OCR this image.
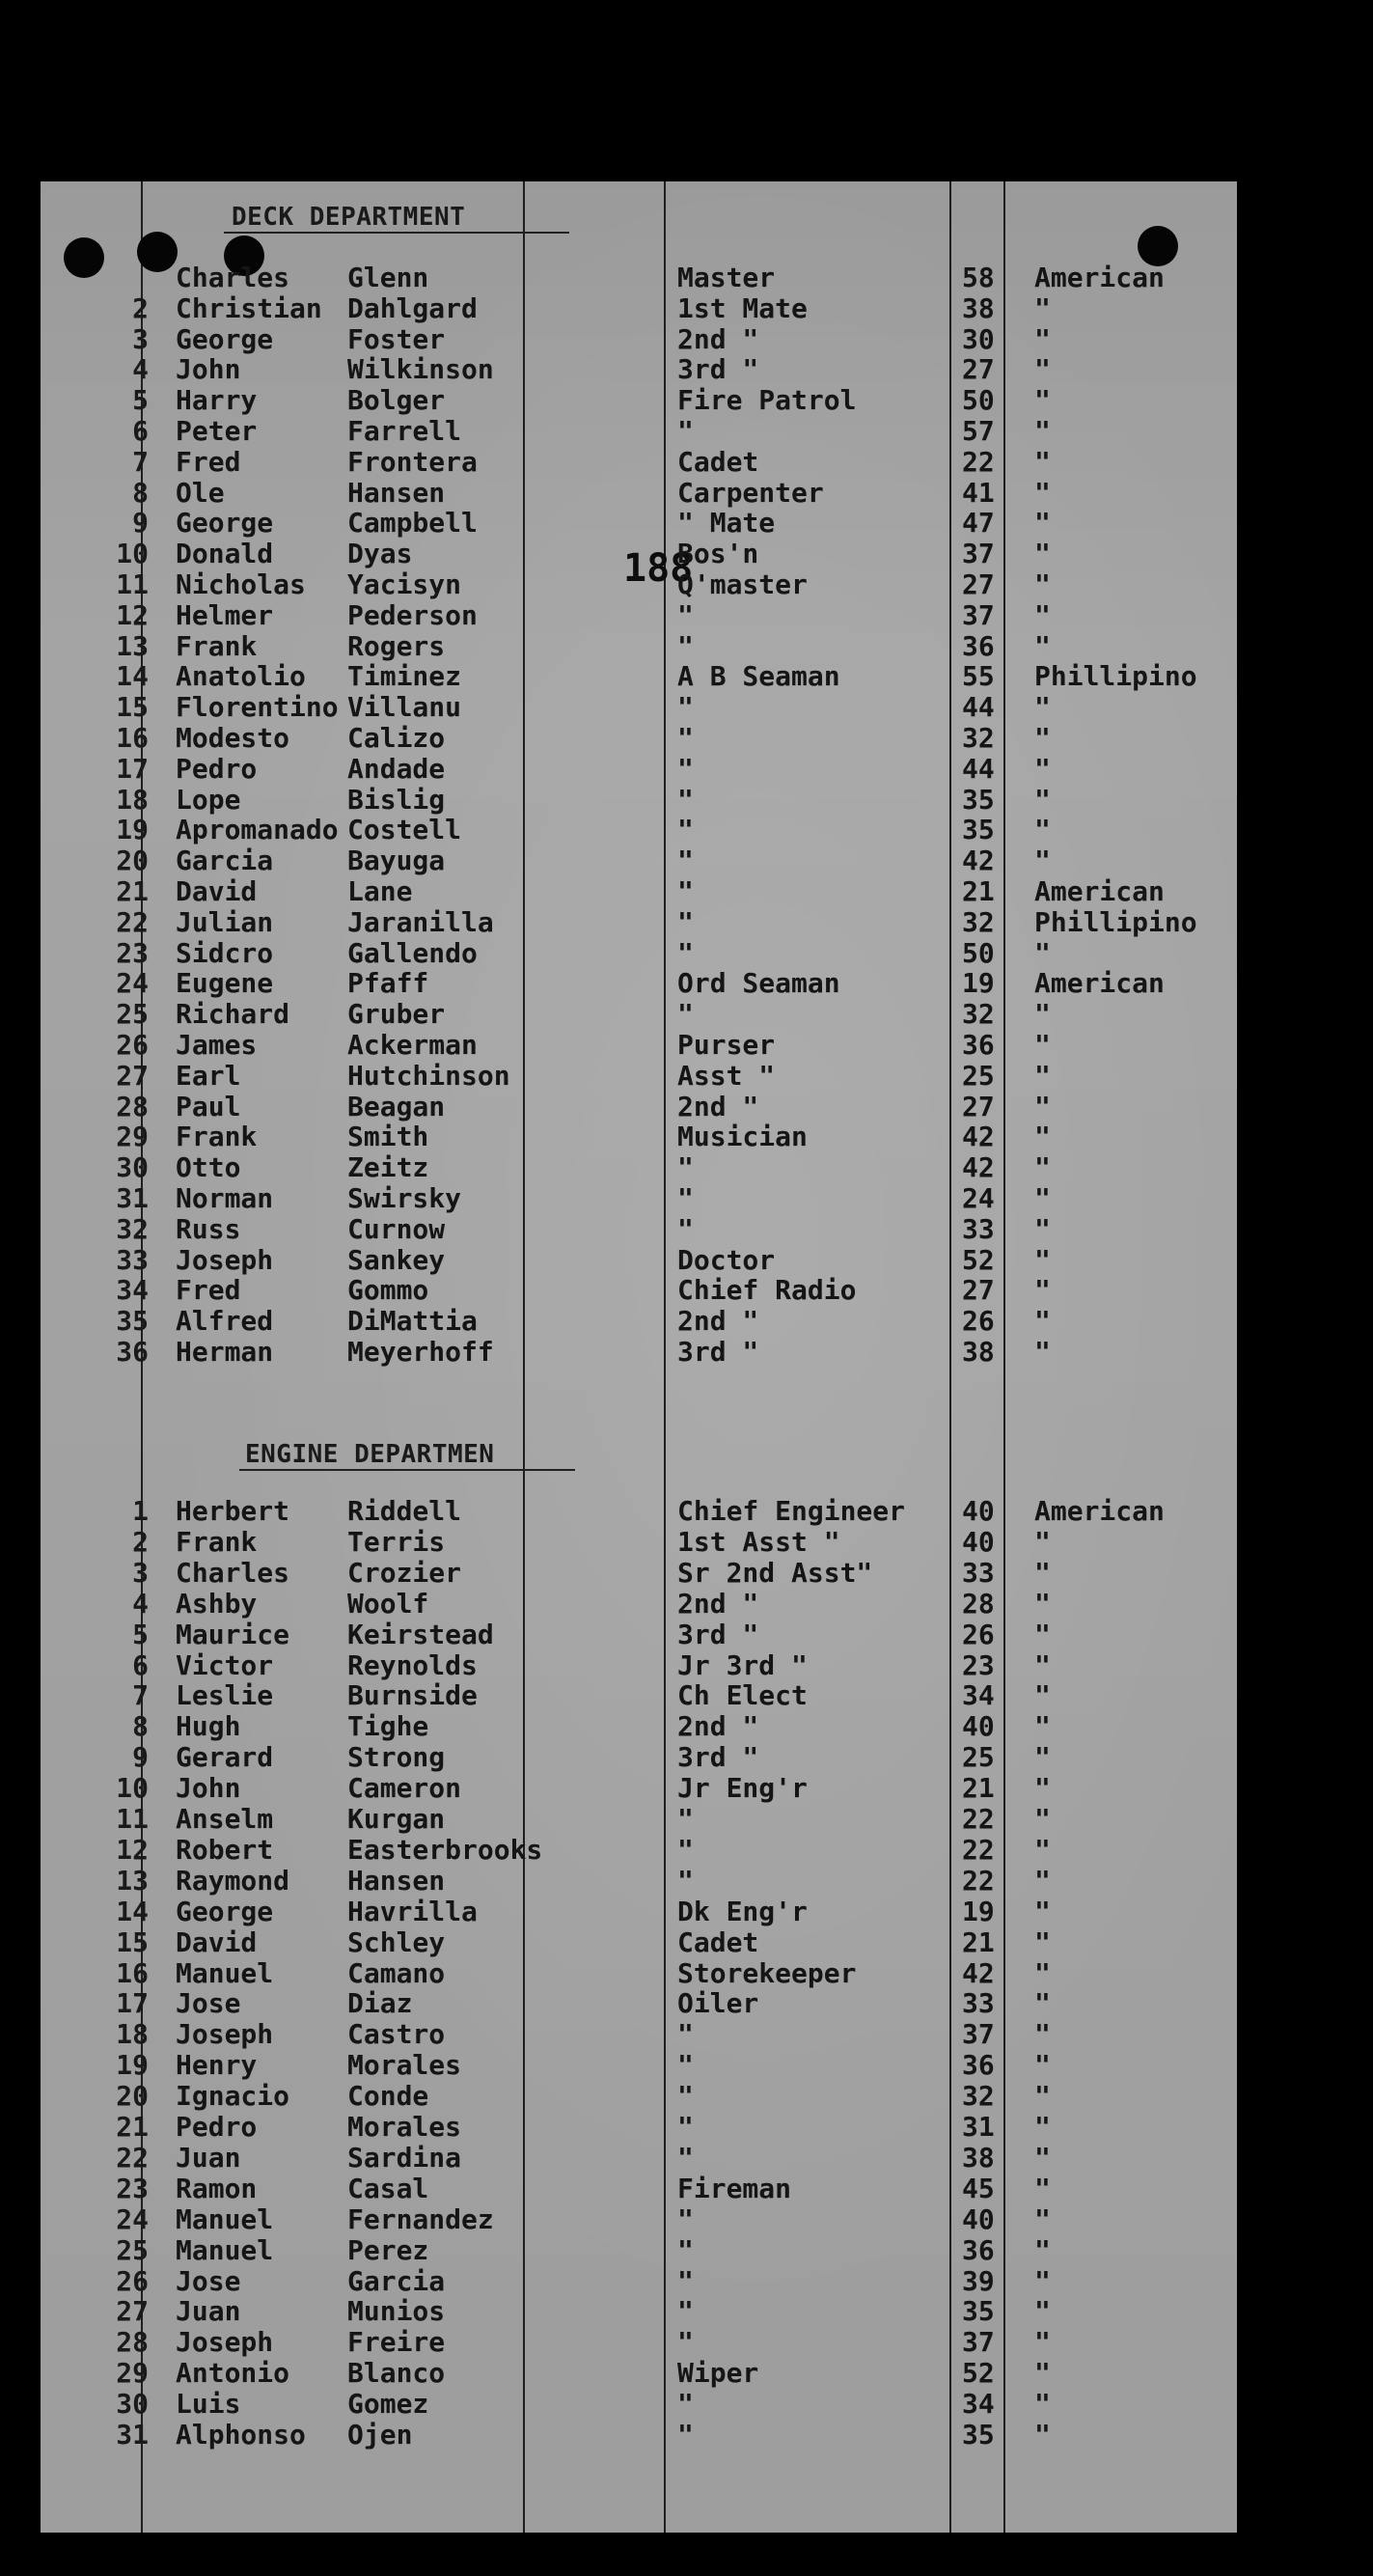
DECK DEPARTMENT
188
Charles Glenn	Master	58 American
2 Christian Dahlgard	1st Mate	38 "
3 George	Foster	2nd "	30 "
4 John	Wilkinson	3rd "	27 "
5 Harry	Bolger	Fire Patrol	50 "
6 Peter	Farrell	"	57 "
7 Fred	Frontera	Cadet	22 "
8 Ole	Hansen	Carpenter	41 "
9 George	Campbell	" Mate	47 "
10 Donald	Dyas	Bos'n	37 "
11 Nicholas Yacisyn	Q'master	27 "
12 Helmer	Pederson	"	37 "
13 Frank	Rogers	"	36 "
14 Anatolio Timinez	A B Seaman	55 Phillipino
15 Florentino Villanu	"	44 "
16 Modesto Calizo	"	32 "
17 Pedro	Andade	"	44 "
18 Lope	Bislig	"	35 "
19 Apromanado Costell	"	35 "
20 Garcia	Bayuga	"	42 "
21 David	Lane	"	21 American
22 Julian	Jaranilla	"	32 Phillipino
23 Sidcro	Gallendo	"	50 "
24 Eugene	Pfaff	Ord Seaman	19 American
25 Richard Gruber	"	32 "
26 James	Ackerman	Purser	36 "
27 Earl	Hutchinson	Asst "	25 "
28 Paul	Beagan	2nd "	27 "
29 Frank	Smith	Musician	42 "
30 Otto	Zeitz	"	42 "
31 Norman	Swirsky	"	24 "
32 Russ	Curnow	"	33 "
33 Joseph	Sankey	Doctor	52 "
34 Fred	Gommo	Chief Radio	27 "
35 Alfred	DiMattia	2nd "	26 "
36 Herman	Meyerhoff	3rd "	38 "
ENGINE DEPARTMEN
1 Herbert Riddell	Chief Engineer 40 American
2 Frank	Terris	1st Asst "	40 "
3 Charles Crozier	Sr 2nd Asst"	33 "
4 Ashby	Woolf	2nd "	28 "
5 Maurice Keirstead	3rd "	26 "
6 Victor	Reynolds	Jr 3rd "	23 "
7 Leslie	Burnside	Ch Elect	34 "
8 Hugh	Tighe	2nd "	40 "
9 Gerard	Strong	3rd "	25 "
10 John	Cameron	Jr Eng'r	21 "
11 Anselm	Kurgan	"	22 "
12 Robert	Easterbrooks	"	22 "
13 Raymond Hansen	"	22 "
14 George	Havrilla	Dk Eng'r	19 "
15 David	Schley	Cadet	21 "
16 Manuel	Camano	Storekeeper	42 "
17 Jose	Diaz	Oiler	33 "
18 Joseph	Castro	"	37 "
19 Henry	Morales	"	36 "
20 Ignacio Conde	"	32 "
21 Pedro	Morales	"	31 "
22 Juan	Sardina	"	38 "
23 Ramon	Casal	Fireman	45 "
24 Manuel	Fernandez	"	40 "
25 Manuel	Perez	"	36 "
26 Jose	Garcia	"	39 "
27 Juan	Munios	"	35 "
28 Joseph	Freire	"	37 "
29 Antonio Blanco	Wiper	52 "
30 Luis	Gomez	"	34 "
31 Alphonso Ojen	"	35 "
